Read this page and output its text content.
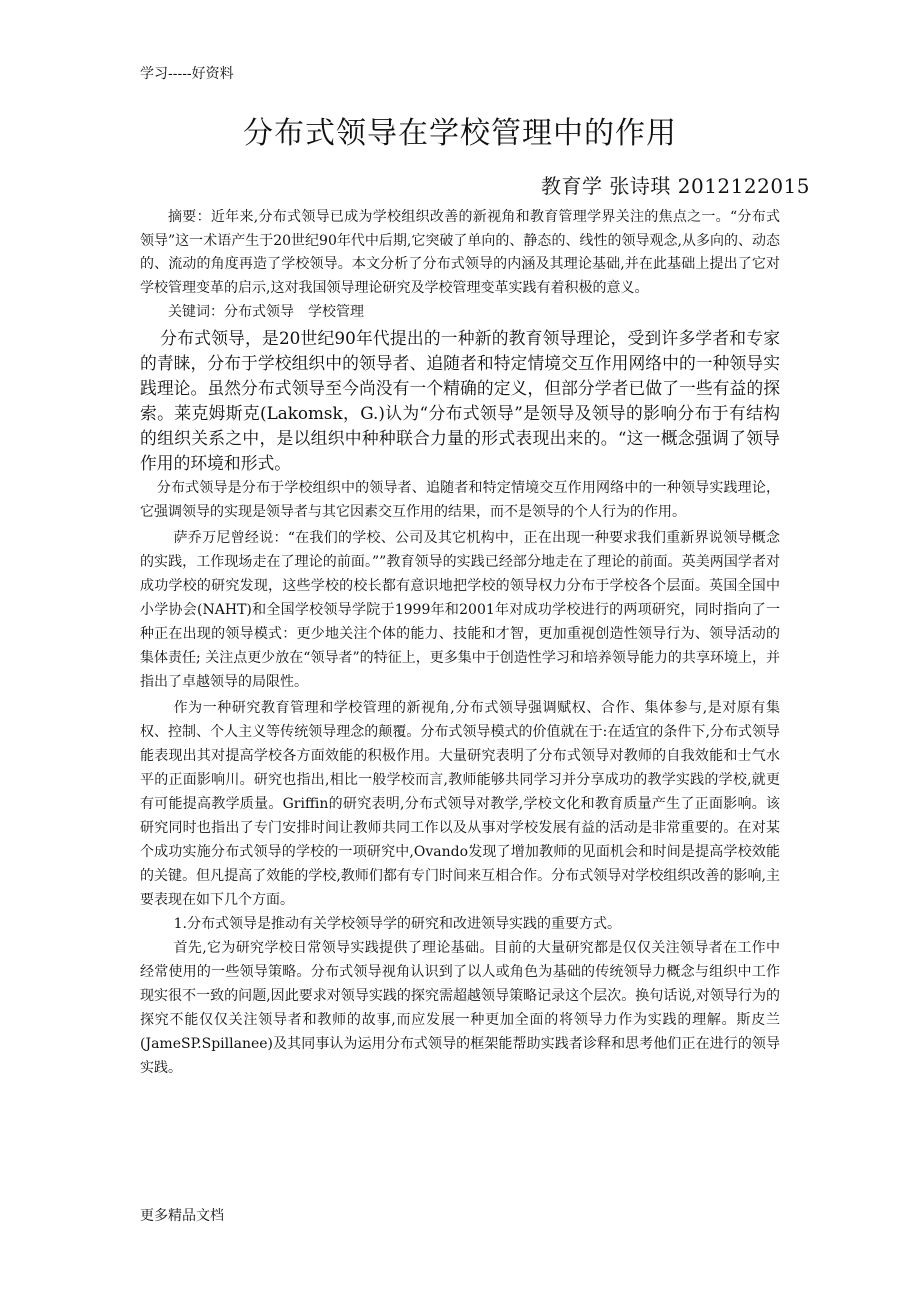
学习-----好资料
分布式领导在学校管理中的作用
教育学 张诗琪 2012122015

摘要：近年来,分布式领导已成为学校组织改善的新视角和教育管理学界关注的焦点之一。“分布式领导”这一术语产生于20世纪90年代中后期,它突破了单向的、静态的、线性的领导观念,从多向的、动态的、流动的角度再造了学校领导。本文分析了分布式领导的内涵及其理论基础,并在此基础上提出了它对学校管理变革的启示,这对我国领导理论研究及学校管理变革实践有着积极的意义。

关键词：分布式领导　学校管理

分布式领导，是20世纪90年代提出的一种新的教育领导理论，受到许多学者和专家的青睐，分布于学校组织中的领导者、追随者和特定情境交互作用网络中的一种领导实践理论。虽然分布式领导至今尚没有一个精确的定义，但部分学者已做了一些有益的探索。莱克姆斯克(Lakomsk，G.)认为“分布式领导”是领导及领导的影响分布于有结构的组织关系之中，是以组织中种种联合力量的形式表现出来的。“这一概念强调了领导作用的环境和形式。

分布式领导是分布于学校组织中的领导者、追随者和特定情境交互作用网络中的一种领导实践理论，它强调领导的实现是领导者与其它因素交互作用的结果，而不是领导的个人行为的作用。

萨乔万尼曾经说：“在我们的学校、公司及其它机构中，正在出现一种要求我们重新界说领导概念的实践，工作现场走在了理论的前面。””教育领导的实践已经部分地走在了理论的前面。英美两国学者对成功学校的研究发现，这些学校的校长都有意识地把学校的领导权力分布于学校各个层面。英国全国中小学协会(NAHT)和全国学校领导学院于1999年和2001年对成功学校进行的两项研究，同时指向了一种正在出现的领导模式：更少地关注个体的能力、技能和才智，更加重视创造性领导行为、领导活动的集体责任; 关注点更少放在“领导者”的特征上，更多集中于创造性学习和培养领导能力的共享环境上，并指出了卓越领导的局限性。

作为一种研究教育管理和学校管理的新视角,分布式领导强调赋权、合作、集体参与,是对原有集权、控制、个人主义等传统领导理念的颠覆。分布式领导模式的价值就在于:在适宜的条件下,分布式领导能表现出其对提高学校各方面效能的积极作用。大量研究表明了分布式领导对教师的自我效能和士气水平的正面影响川。研究也指出,相比一般学校而言,教师能够共同学习并分享成功的教学实践的学校,就更有可能提高教学质量。Griffin的研究表明,分布式领导对教学,学校文化和教育质量产生了正面影响。该研究同时也指出了专门安排时间让教师共同工作以及从事对学校发展有益的活动是非常重要的。在对某个成功实施分布式领导的学校的一项研究中,Ovando发现了增加教师的见面机会和时间是提高学校效能的关键。但凡提高了效能的学校,教师们都有专门时间来互相合作。分布式领导对学校组织改善的影响,主要表现在如下几个方面。

1.分布式领导是推动有关学校领导学的研究和改进领导实践的重要方式。

首先,它为研究学校日常领导实践提供了理论基础。目前的大量研究都是仅仅关注领导者在工作中经常使用的一些领导策略。分布式领导视角认识到了以人或角色为基础的传统领导力概念与组织中工作现实很不一致的问题,因此要求对领导实践的探究需超越领导策略记录这个层次。换句话说,对领导行为的探究不能仅仅关注领导者和教师的故事,而应发展一种更加全面的将领导力作为实践的理解。斯皮兰(JameSP.Spillanee)及其同事认为运用分布式领导的框架能帮助实践者诊释和思考他们正在进行的领导实践。

更多精品文档
